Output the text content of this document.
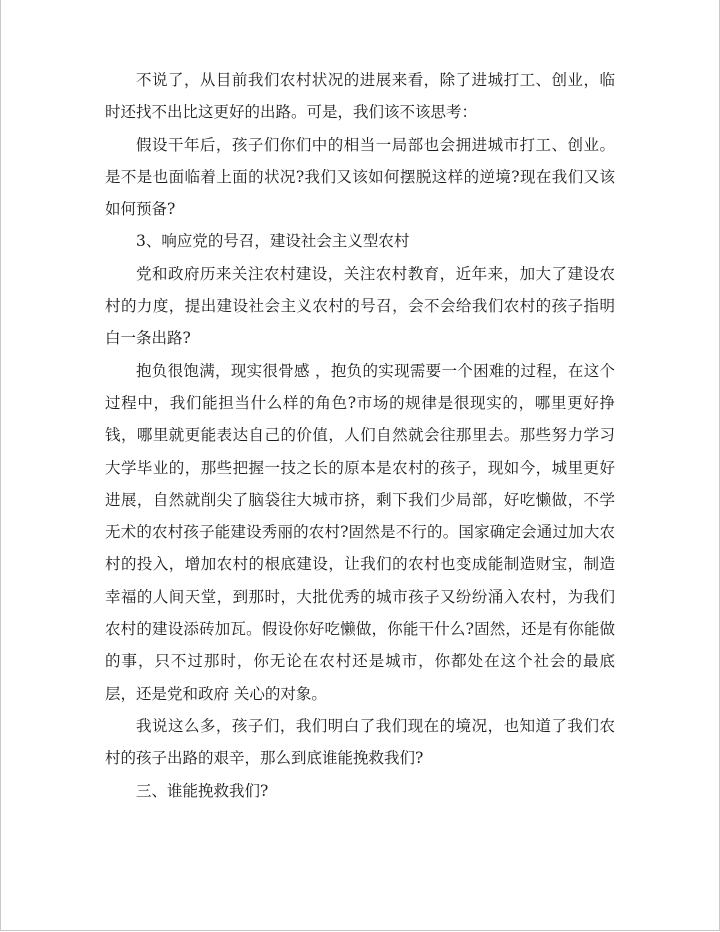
不说了，从目前我们农村状况的进展来看，除了进城打工、创业，临时还找不出比这更好的出路。可是，我们该不该思考：

假设干年后，孩子们你们中的相当一局部也会拥进城市打工、创业。是不是也面临着上面的状况?我们又该如何摆脱这样的逆境?现在我们又该如何预备?

3、响应党的号召，建设社会主义型农村

党和政府历来关注农村建设，关注农村教育，近年来，加大了建设农村的力度，提出建设社会主义农村的号召，会不会给我们农村的孩子指明白一条出路?

抱负很饱满，现实很骨感 ，抱负的实现需要一个困难的过程，在这个过程中，我们能担当什么样的角色?市场的规律是很现实的，哪里更好挣钱，哪里就更能表达自己的价值，人们自然就会往那里去。那些努力学习大学毕业的，那些把握一技之长的原本是农村的孩子，现如今，城里更好进展，自然就削尖了脑袋往大城市挤，剩下我们少局部，好吃懒做，不学无术的农村孩子能建设秀丽的农村?固然是不行的。国家确定会通过加大农村的投入，增加农村的根底建设，让我们的农村也变成能制造财宝，制造幸福的人间天堂，到那时，大批优秀的城市孩子又纷纷涌入农村，为我们农村的建设添砖加瓦。假设你好吃懒做，你能干什么?固然，还是有你能做的事，只不过那时，你无论在农村还是城市，你都处在这个社会的最底层，还是党和政府 关心的对象。

我说这么多，孩子们，我们明白了我们现在的境况，也知道了我们农村的孩子出路的艰辛，那么到底谁能挽救我们?

三、谁能挽救我们?
